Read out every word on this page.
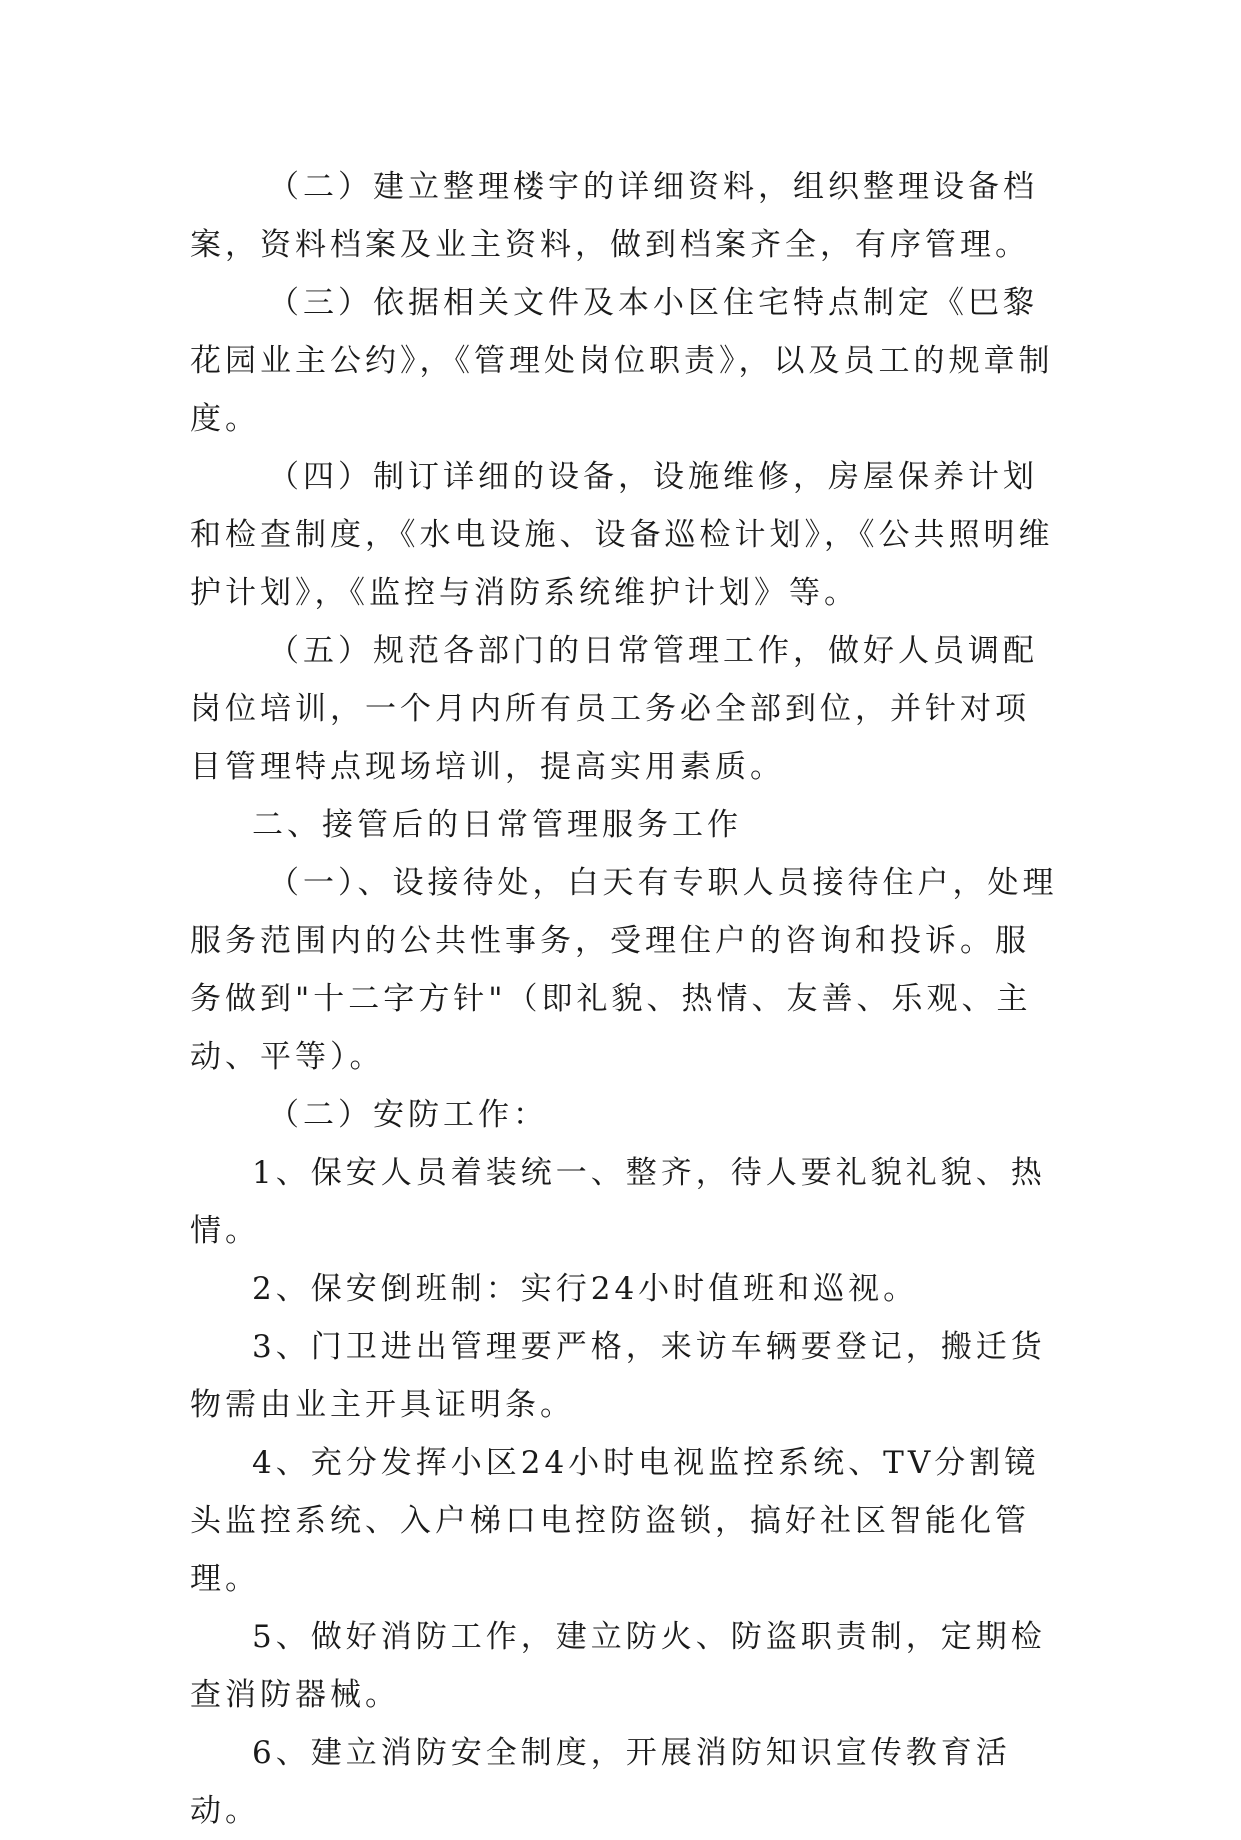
（二）建立整理楼宇的详细资料，组织整理设备档案，资料档案及业主资料，做到档案齐全，有序管理。

（三）依据相关文件及本小区住宅特点制定《巴黎花园业主公约》，《管理处岗位职责》，以及员工的规章制度。

（四）制订详细的设备，设施维修，房屋保养计划和检查制度，《水电设施、设备巡检计划》，《公共照明维护计划》，《监控与消防系统维护计划》等。

（五）规范各部门的日常管理工作，做好人员调配岗位培训，一个月内所有员工务必全部到位，并针对项目管理特点现场培训，提高实用素质。

二、接管后的日常管理服务工作

（一）、设接待处，白天有专职人员接待住户，处理服务范围内的公共性事务，受理住户的咨询和投诉。服务做到"十二字方针"（即礼貌、热情、友善、乐观、主动、平等）。

（二）安防工作：

1、保安人员着装统一、整齐，待人要礼貌礼貌、热情。

2、保安倒班制：实行24小时值班和巡视。

3、门卫进出管理要严格，来访车辆要登记，搬迁货物需由业主开具证明条。

4、充分发挥小区24小时电视监控系统、TV分割镜头监控系统、入户梯口电控防盗锁，搞好社区智能化管理。

5、做好消防工作，建立防火、防盗职责制，定期检查消防器械。

6、建立消防安全制度，开展消防知识宣传教育活动。
